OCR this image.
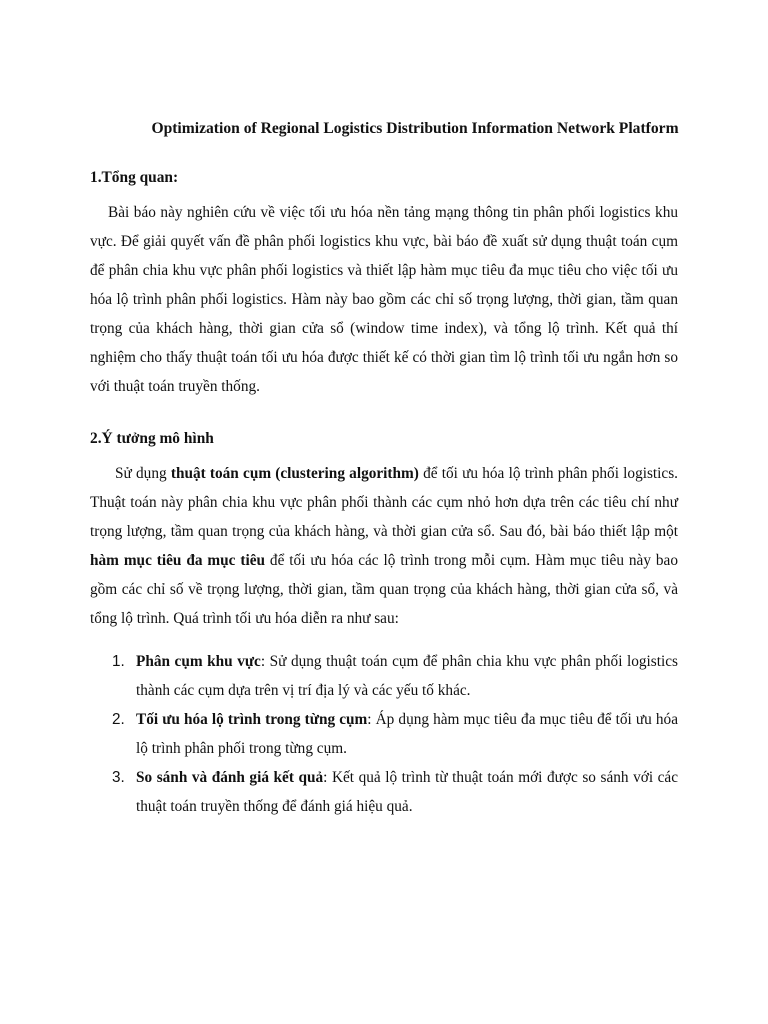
Optimization of Regional Logistics Distribution Information Network Platform

1.Tổng quan:

Bài báo này nghiên cứu về việc tối ưu hóa nền tảng mạng thông tin phân phối logistics khu vực. Để giải quyết vấn đề phân phối logistics khu vực, bài báo đề xuất sử dụng thuật toán cụm để phân chia khu vực phân phối logistics và thiết lập hàm mục tiêu đa mục tiêu cho việc tối ưu hóa lộ trình phân phối logistics. Hàm này bao gồm các chỉ số trọng lượng, thời gian, tầm quan trọng của khách hàng, thời gian cửa sổ (window time index), và tổng lộ trình. Kết quả thí nghiệm cho thấy thuật toán tối ưu hóa được thiết kế có thời gian tìm lộ trình tối ưu ngắn hơn so với thuật toán truyền thống.

2.Ý tưởng mô hình

Sử dụng thuật toán cụm (clustering algorithm) để tối ưu hóa lộ trình phân phối logistics. Thuật toán này phân chia khu vực phân phối thành các cụm nhỏ hơn dựa trên các tiêu chí như trọng lượng, tầm quan trọng của khách hàng, và thời gian cửa sổ. Sau đó, bài báo thiết lập một hàm mục tiêu đa mục tiêu để tối ưu hóa các lộ trình trong mỗi cụm. Hàm mục tiêu này bao gồm các chỉ số về trọng lượng, thời gian, tầm quan trọng của khách hàng, thời gian cửa sổ, và tổng lộ trình. Quá trình tối ưu hóa diễn ra như sau:

1. Phân cụm khu vực: Sử dụng thuật toán cụm để phân chia khu vực phân phối logistics thành các cụm dựa trên vị trí địa lý và các yếu tố khác.
2. Tối ưu hóa lộ trình trong từng cụm: Áp dụng hàm mục tiêu đa mục tiêu để tối ưu hóa lộ trình phân phối trong từng cụm.
3. So sánh và đánh giá kết quả: Kết quả lộ trình từ thuật toán mới được so sánh với các thuật toán truyền thống để đánh giá hiệu quả.
